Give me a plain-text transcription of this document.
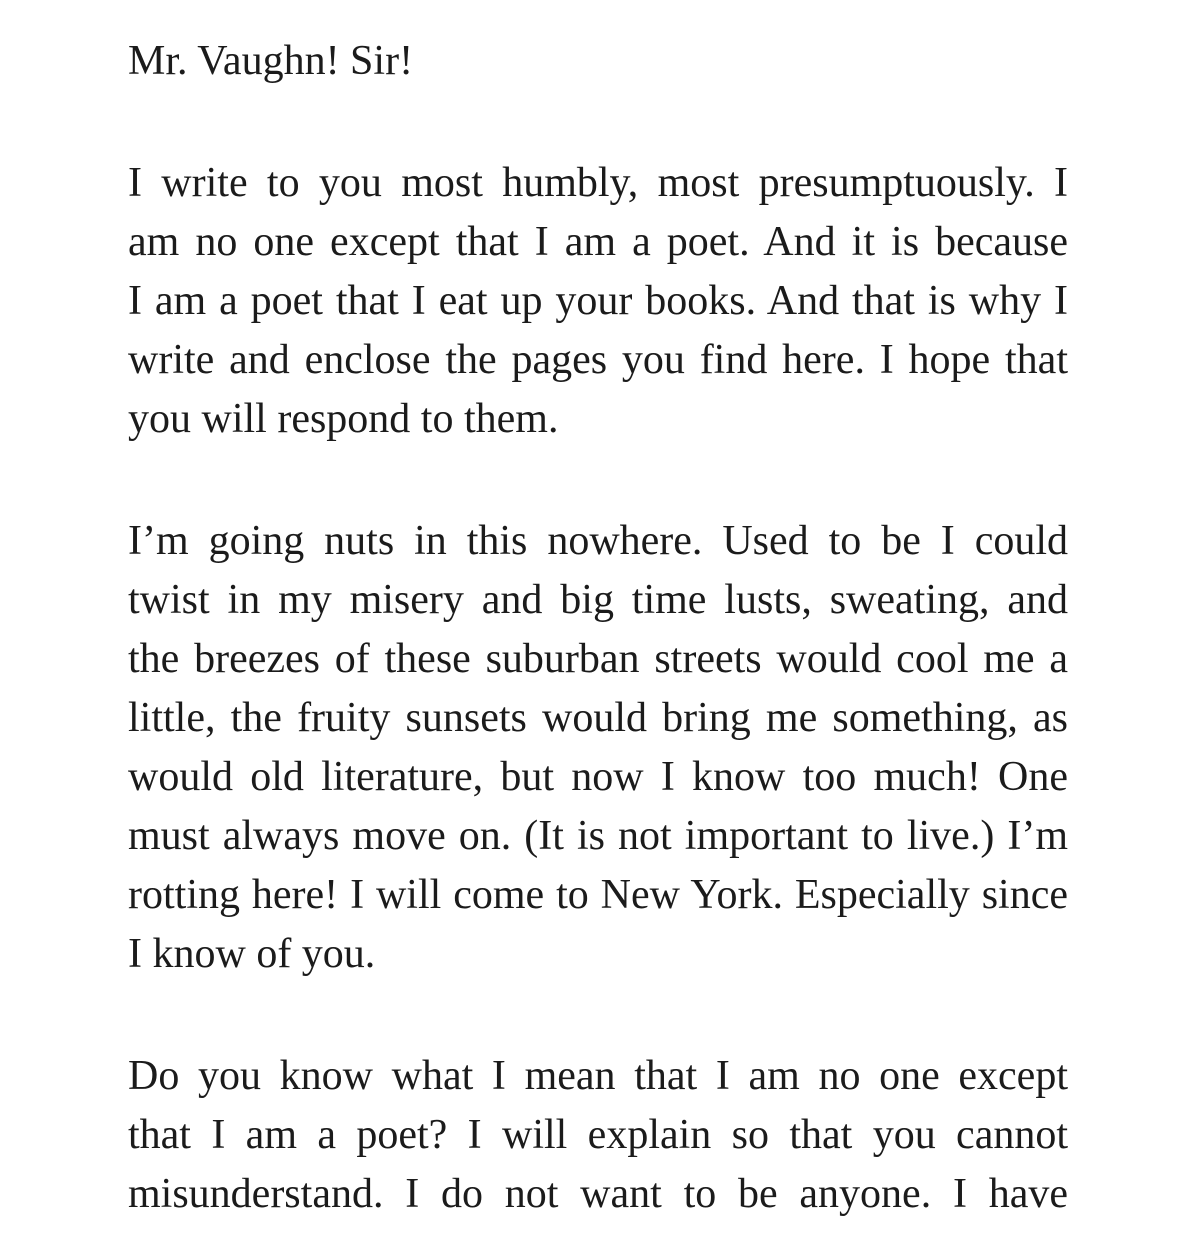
Mr. Vaughn! Sir!

I write to you most humbly, most presumptuously. I
am no one except that I am a poet. And it is because
I am a poet that I eat up your books. And that is why I
write and enclose the pages you find here. I hope that
you will respond to them.

I’m going nuts in this nowhere. Used to be I could
twist in my misery and big time lusts, sweating, and
the breezes of these suburban streets would cool me a
little, the fruity sunsets would bring me something, as
would old literature, but now I know too much! One
must always move on. (It is not important to live.) I’m
rotting here! I will come to New York. Especially since
I know of you.

Do you know what I mean that I am no one except
that I am a poet? I will explain so that you cannot
misunderstand. I do not want to be anyone. I have
